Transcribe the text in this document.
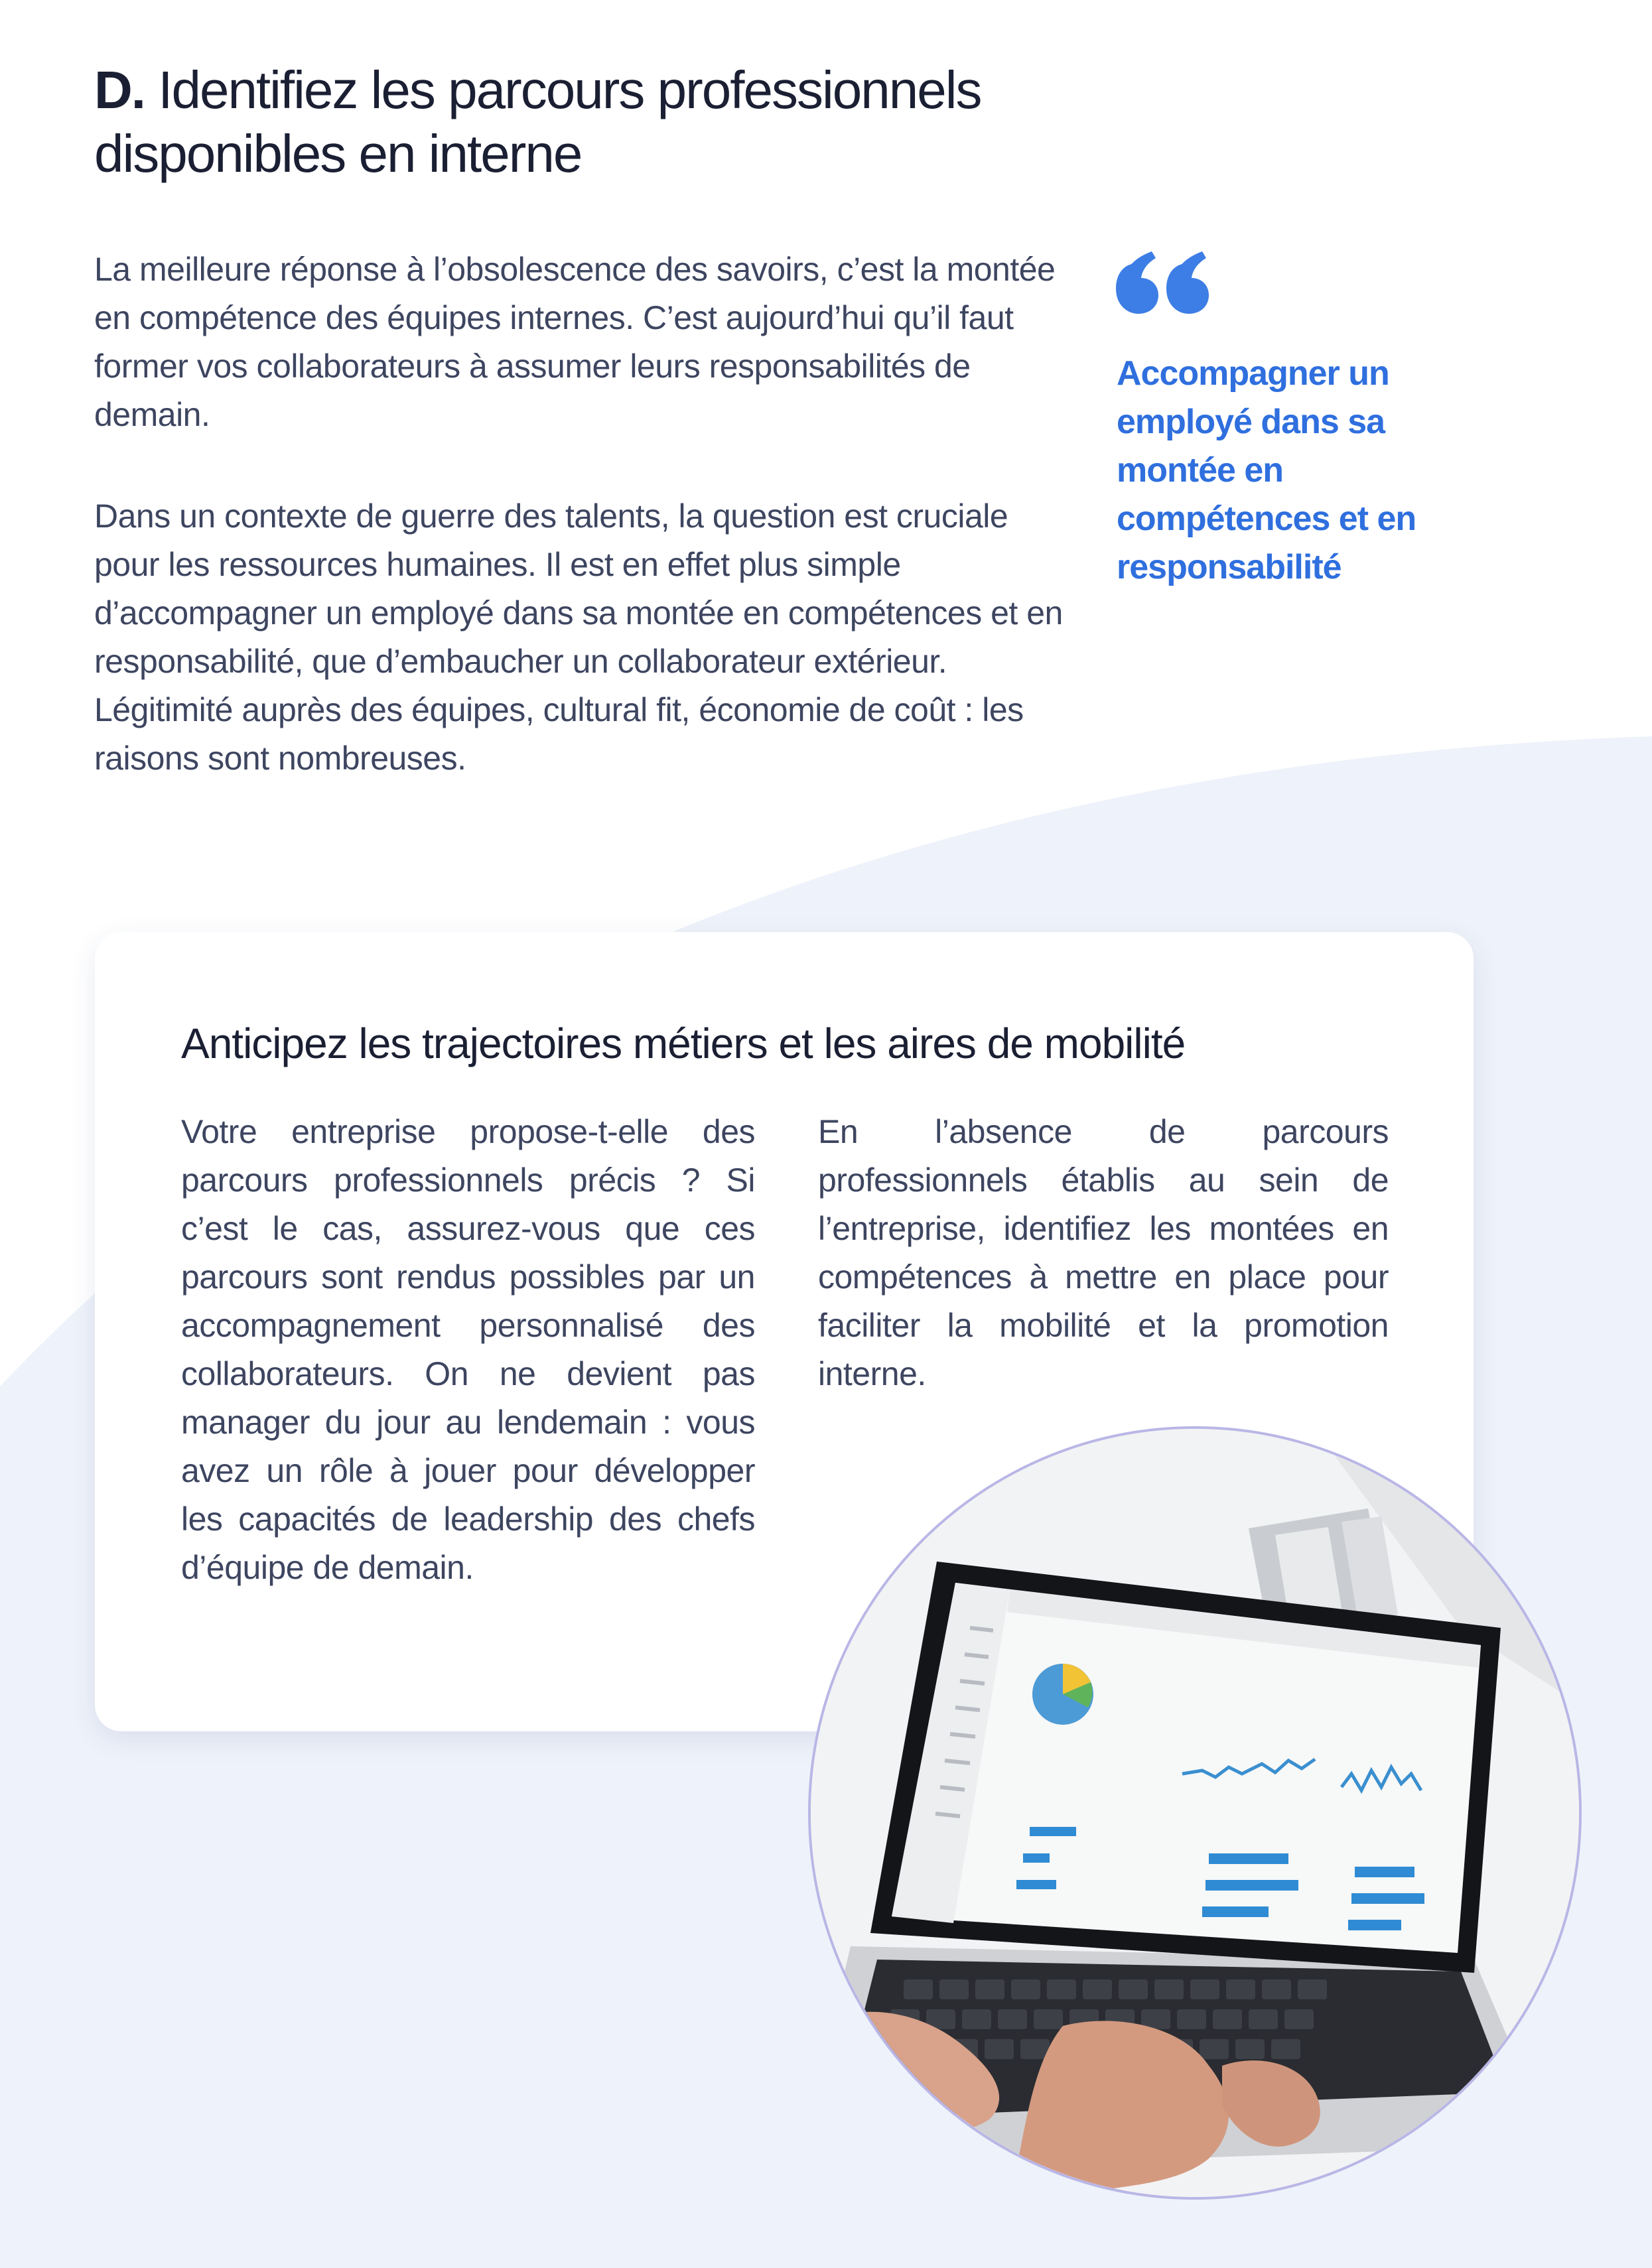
D. Identifiez les parcours professionnels disponibles en interne

La meilleure réponse à l’obsolescence des savoirs, c’est la montée en compétence des équipes internes. C’est aujourd’hui qu’il faut former vos collaborateurs à assumer leurs responsabilités de demain.

Dans un contexte de guerre des talents, la question est cruciale pour les ressources humaines. Il est en effet plus simple d’accompagner un employé dans sa montée en compétences et en responsabilité, que d’embaucher un collaborateur extérieur. Légitimité auprès des équipes, cultural fit, économie de coût : les raisons sont nombreuses.

Accompagner un employé dans sa montée en compétences et en responsabilité

Anticipez les trajectoires métiers et les aires de mobilité

Votre entreprise propose-t-elle des parcours professionnels précis ? Si c’est le cas, assurez-vous que ces parcours sont rendus possibles par un accompagnement personnalisé des collaborateurs. On ne devient pas manager du jour au lendemain : vous avez un rôle à jouer pour développer les capacités de leadership des chefs d’équipe de demain.

En l’absence de parcours professionnels établis au sein de l’entreprise, identifiez les montées en compétences à mettre en place pour faciliter la mobilité et la promotion interne.
